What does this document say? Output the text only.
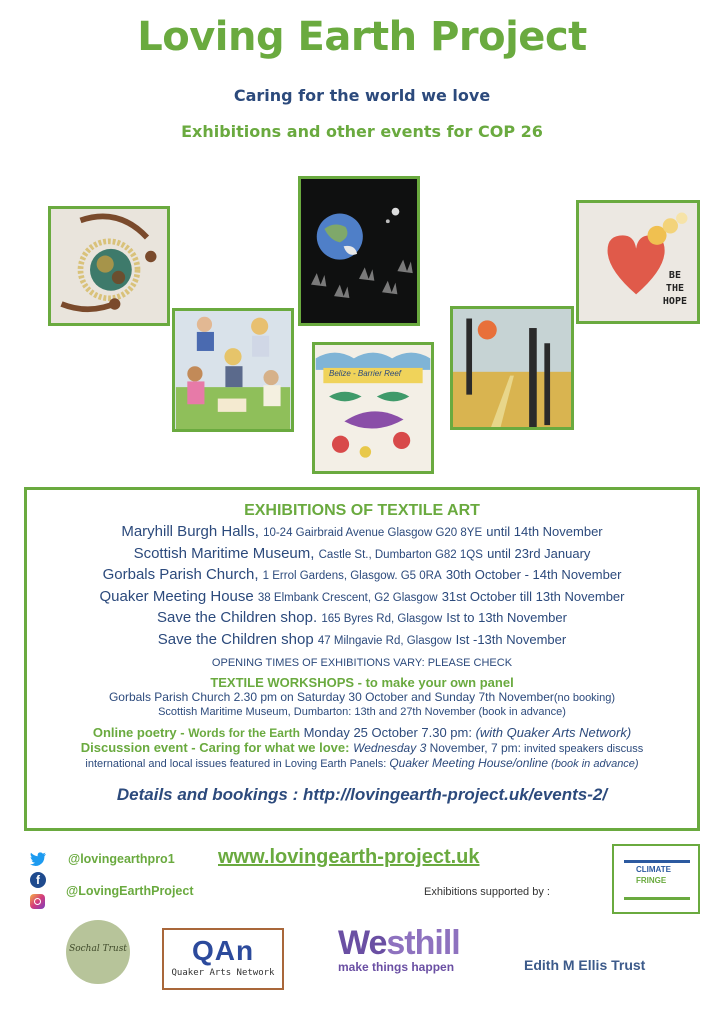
Loving Earth Project
Caring for the world we love
Exhibitions and other events for COP 26
Belize - Barrier Reef
BE
THE
HOPE
EXHIBITIONS OF TEXTILE ART
Maryhill Burgh Halls, 10-24 Gairbraid Avenue Glasgow G20 8YE until 14th November
Scottish Maritime Museum, Castle St., Dumbarton G82 1QS until 23rd January
Gorbals Parish Church, 1 Errol Gardens, Glasgow. G5 0RA 30th October - 14th November
Quaker Meeting House 38 Elmbank Crescent, G2 Glasgow 31st October till 13th November
Save the Children shop. 165 Byres Rd, Glasgow Ist to 13th November
Save the Children shop 47 Milngavie Rd, Glasgow Ist -13th November
OPENING TIMES OF EXHIBITIONS VARY: PLEASE CHECK
TEXTILE WORKSHOPS - to make your own panel
Gorbals Parish Church 2.30 pm on Saturday 30 October and Sunday 7th November(no booking)
Scottish Maritime Museum, Dumbarton: 13th and 27th November (book in advance)
Online poetry - Words for the Earth Monday 25 October 7.30 pm: (with Quaker Arts Network)
Discussion event - Caring for what we love: Wednesday 3 November, 7 pm: invited speakers discuss
international and local issues featured in Loving Earth Panels: Quaker Meeting House/online (book in advance)
Details and bookings : http://lovingearth-project.uk/events-2/
@lovingearthpro1
f
@LovingEarthProject
www.lovingearth-project.uk
Exhibitions supported by :
CLIMATE
FRINGE
Sochal Trust	QAn
Quaker Arts Network
Westhill
make things happen	Edith M Ellis Trust
